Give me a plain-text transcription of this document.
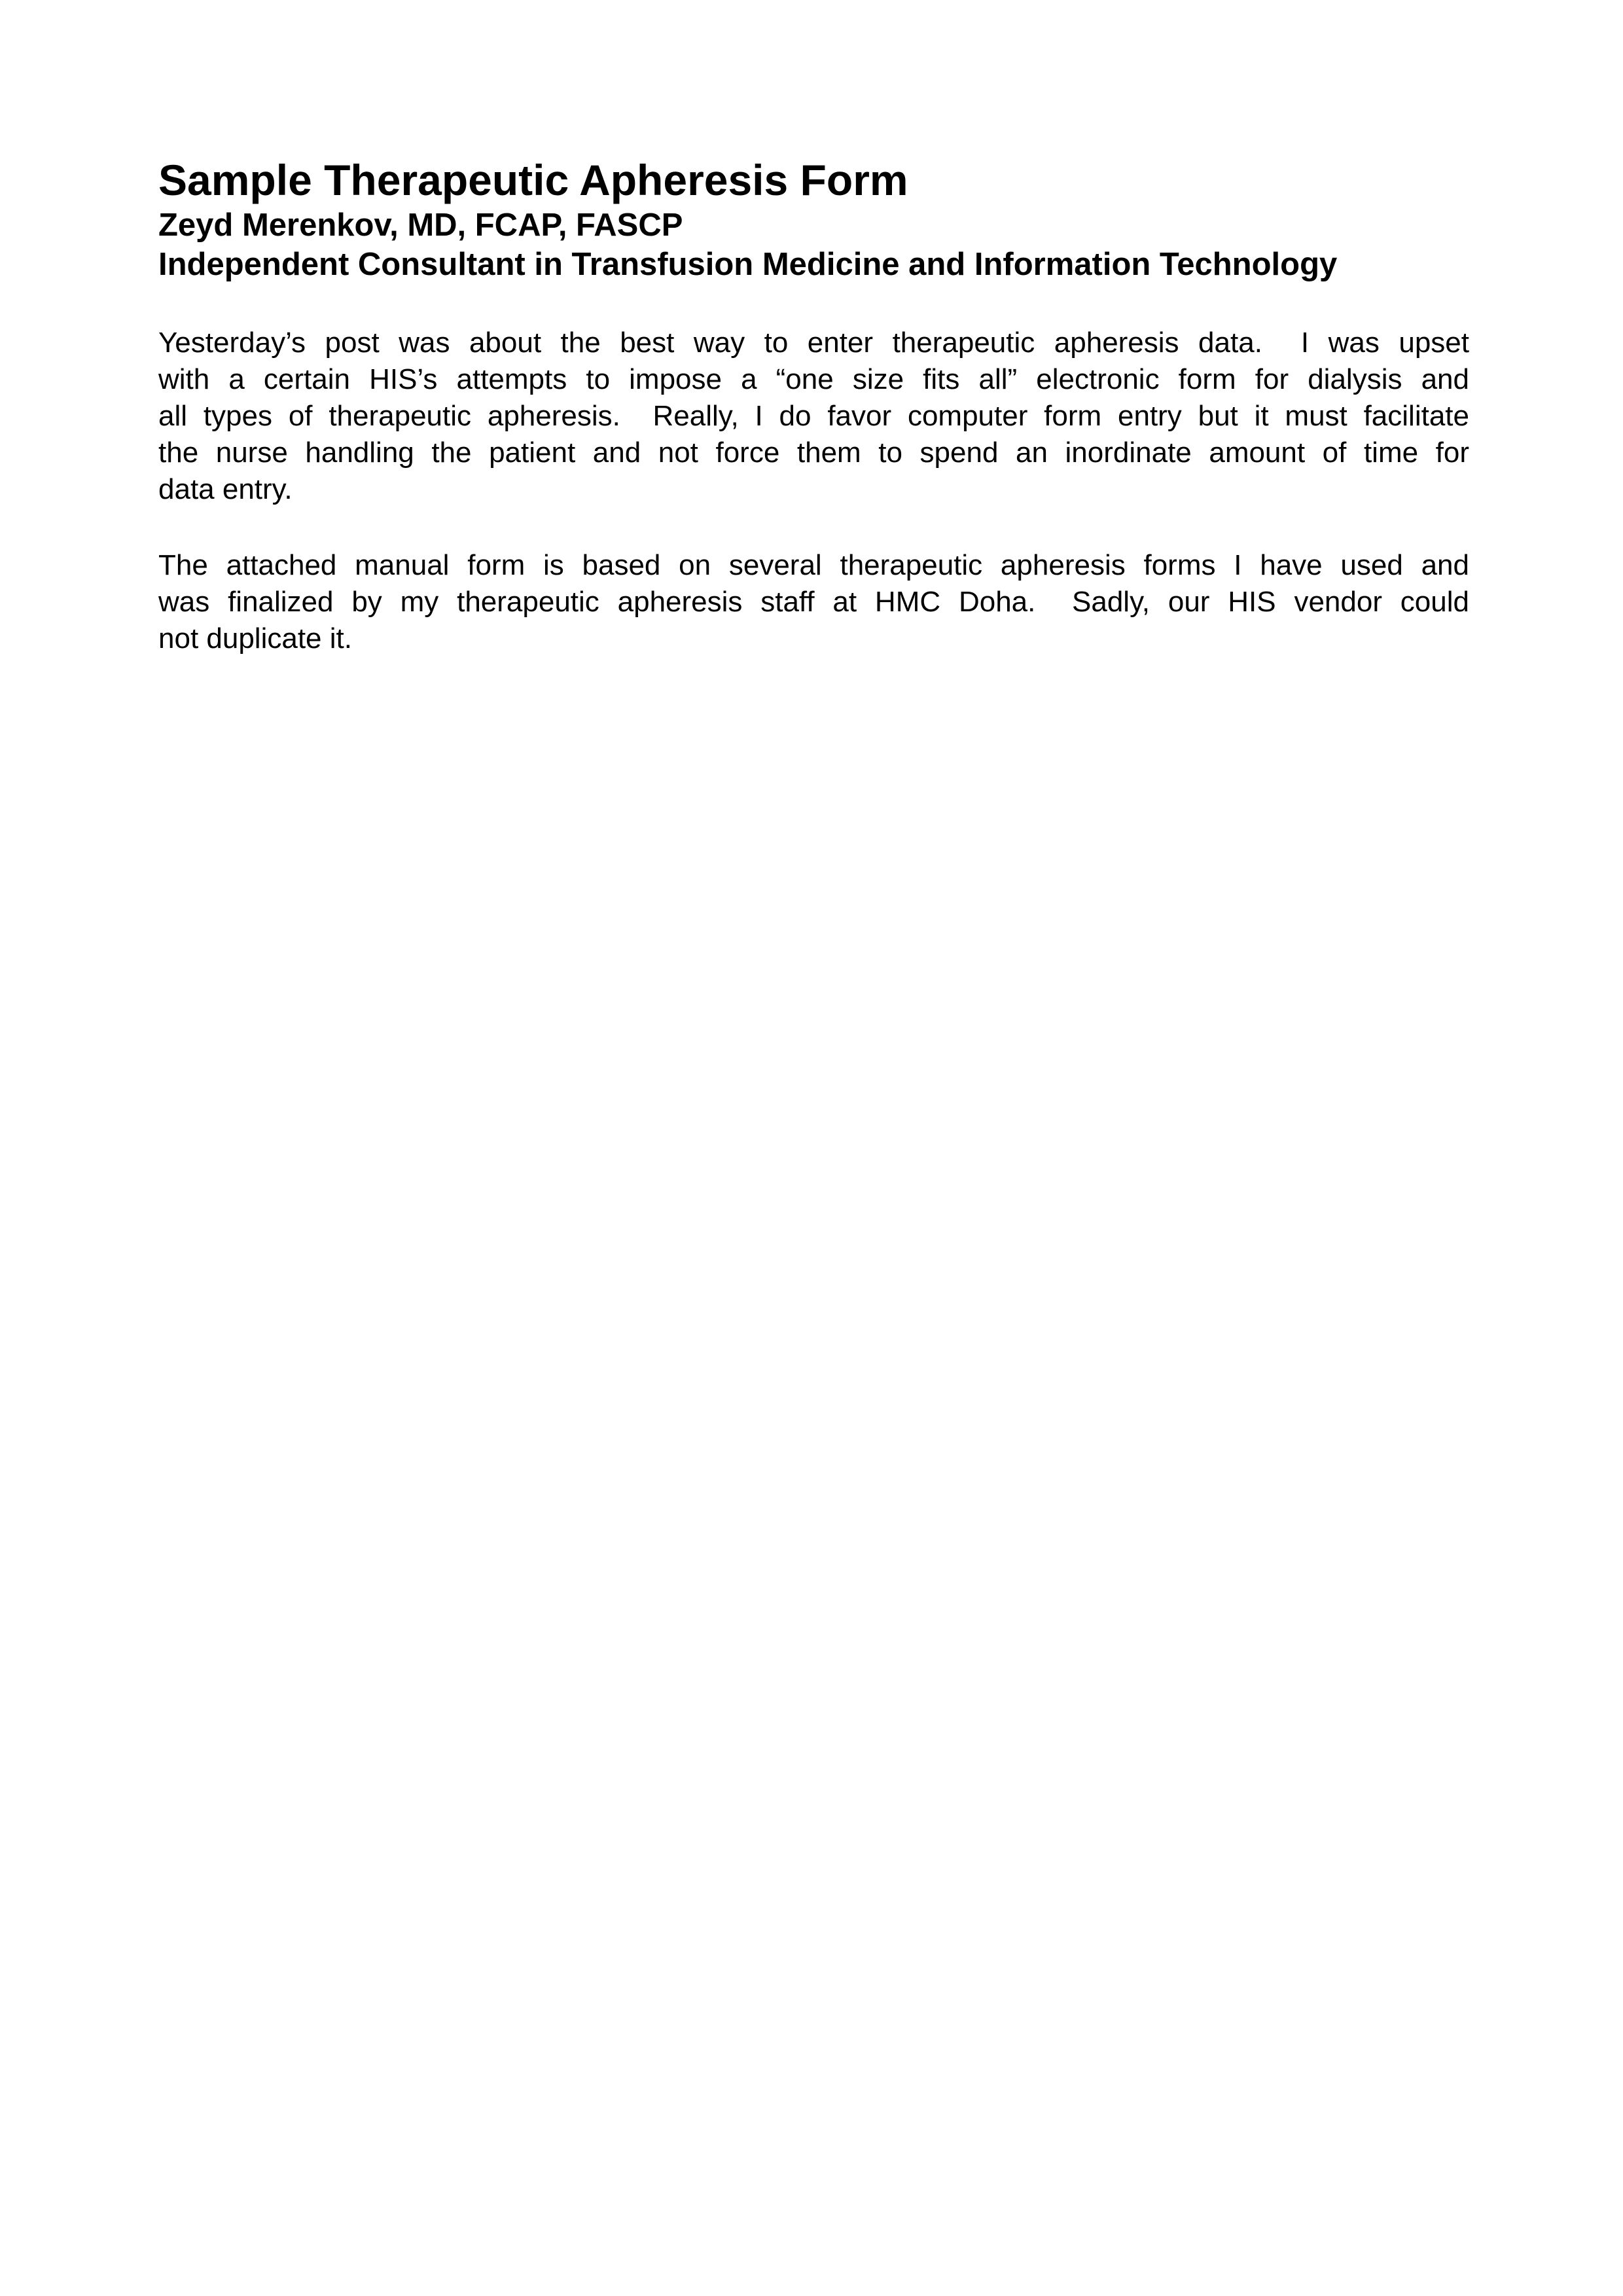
Sample Therapeutic Apheresis Form

Zeyd Merenkov, MD, FCAP, FASCP

Independent Consultant in Transfusion Medicine and Information Technology

Yesterday’s post was about the best way to enter therapeutic apheresis data.  I was upset
with a certain HIS’s attempts to impose a “one size fits all” electronic form for dialysis and
all types of therapeutic apheresis.  Really, I do favor computer form entry but it must facilitate
the nurse handling the patient and not force them to spend an inordinate amount of time for
data entry.
The attached manual form is based on several therapeutic apheresis forms I have used and
was finalized by my therapeutic apheresis staff at HMC Doha.  Sadly, our HIS vendor could
not duplicate it.
